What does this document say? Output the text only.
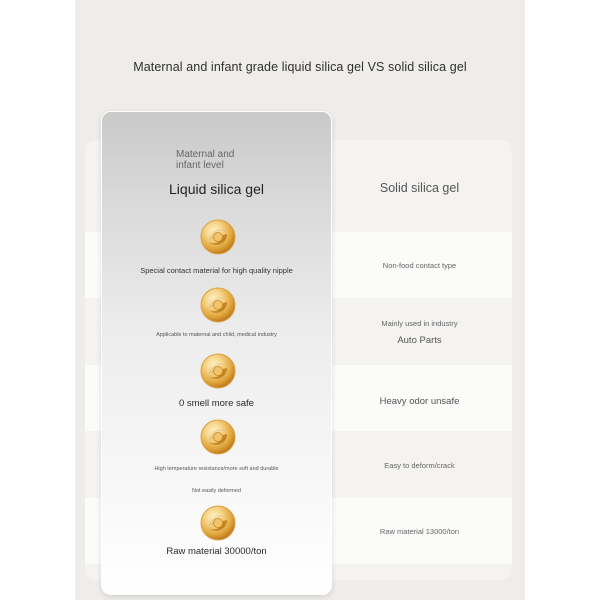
Maternal and infant grade liquid silica gel VS solid silica gel
Solid silica gel
Non-food contact type
Mainly used in industry
Auto Parts
Heavy odor unsafe
Easy to deform/crack
Raw material 13000/ton
Maternal and
infant level
Liquid silica gel
Special contact material for high quality nipple
Applicable to maternal and child, medical industry
0 smell more safe
High temperature resistance/more soft and durable
Not easily deformed
Raw material 30000/ton
